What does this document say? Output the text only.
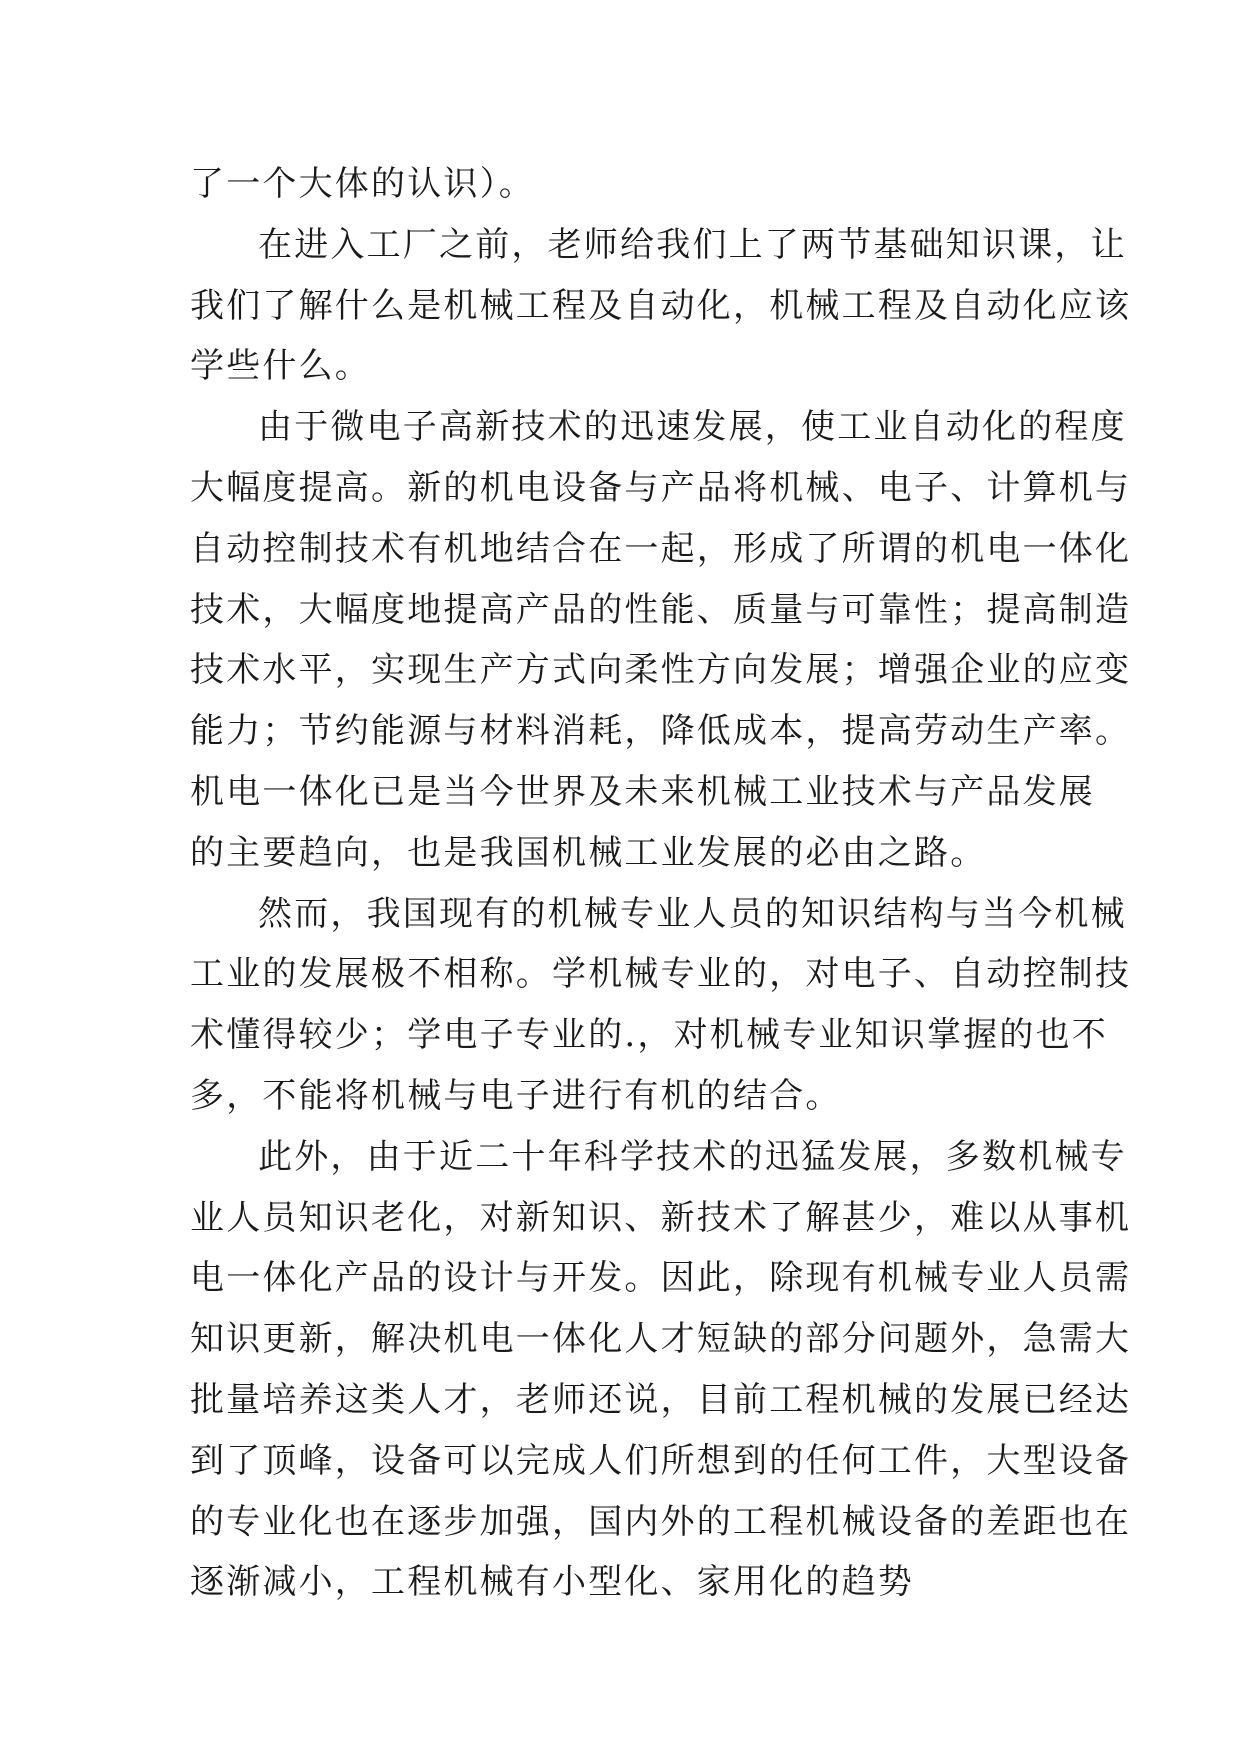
了一个大体的认识）。
在进入工厂之前，老师给我们上了两节基础知识课，让
我们了解什么是机械工程及自动化，机械工程及自动化应该
学些什么。
由于微电子高新技术的迅速发展，使工业自动化的程度
大幅度提高。新的机电设备与产品将机械、电子、计算机与
自动控制技术有机地结合在一起，形成了所谓的机电一体化
技术，大幅度地提高产品的性能、质量与可靠性；提高制造
技术水平，实现生产方式向柔性方向发展；增强企业的应变
能力；节约能源与材料消耗，降低成本，提高劳动生产率。
机电一体化已是当今世界及未来机械工业技术与产品发展
的主要趋向，也是我国机械工业发展的必由之路。
然而，我国现有的机械专业人员的知识结构与当今机械
工业的发展极不相称。学机械专业的，对电子、自动控制技
术懂得较少；学电子专业的.，对机械专业知识掌握的也不
多，不能将机械与电子进行有机的结合。
此外，由于近二十年科学技术的迅猛发展，多数机械专
业人员知识老化，对新知识、新技术了解甚少，难以从事机
电一体化产品的设计与开发。因此，除现有机械专业人员需
知识更新，解决机电一体化人才短缺的部分问题外，急需大
批量培养这类人才，老师还说，目前工程机械的发展已经达
到了顶峰，设备可以完成人们所想到的任何工件，大型设备
的专业化也在逐步加强，国内外的工程机械设备的差距也在
逐渐减小，工程机械有小型化、家用化的趋势
